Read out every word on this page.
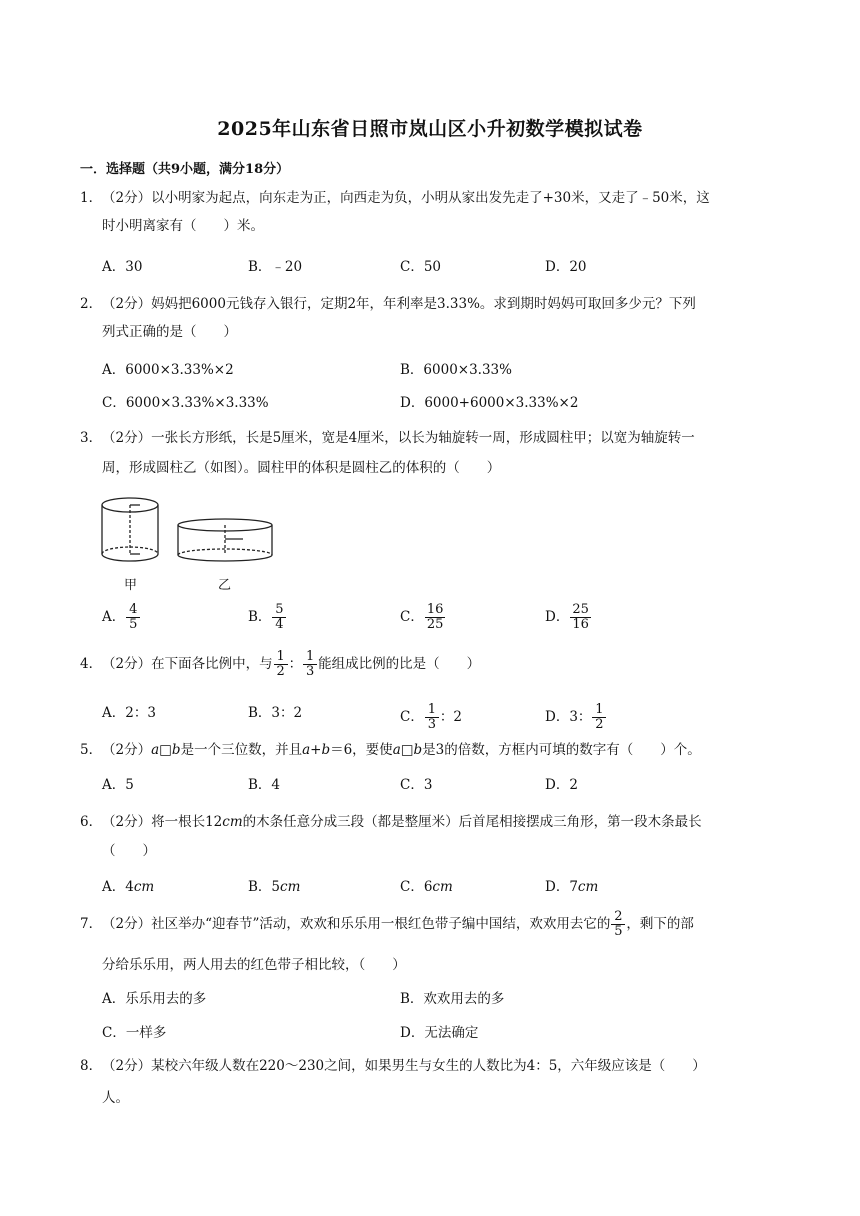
2025年山东省日照市岚山区小升初数学模拟试卷
一．选择题（共9小题，满分18分）
1．（2分）以小明家为起点，向东走为正，向西走为负，小明从家出发先走了+30米，又走了﹣50米，这
时小明离家有（　　）米。
A．30	B．﹣20	C．50	D．20
2．（2分）妈妈把6000元钱存入银行，定期2年，年利率是3.33%。求到期时妈妈可取回多少元？下列
列式正确的是（　　）
A．6000×3.33%×2	B．6000×3.33%
C．6000×3.33%×3.33%	D．6000+6000×3.33%×2
3．（2分）一张长方形纸，长是5厘米，宽是4厘米，以长为轴旋转一周，形成圆柱甲；以宽为轴旋转一
周，形成圆柱乙（如图）。圆柱甲的体积是圆柱乙的体积的（　　）
甲	乙
A． $\frac{4}{5}$	B． $\frac{5}{4}$	C． $\frac{16}{25}$	D． $\frac{25}{16}$
4．（2分）在下面各比例中，与 $\frac{1}{2}$ ： $\frac{1}{3}$ 能组成比例的比是（　　）
A．2：3	B．3：2	C． $\frac{1}{3}$ ：2	D．3： $\frac{1}{2}$
5．（2分）a□b是一个三位数，并且a+b＝6，要使a□b是3的倍数，方框内可填的数字有（　　）个。
A．5	B．4	C．3	D．2
6．（2分）将一根长12cm的木条任意分成三段（都是整厘米）后首尾相接摆成三角形，第一段木条最长
（　　）
A．4cm	B．5cm	C．6cm	D．7cm
7．（2分）社区举办“迎春节”活动，欢欢和乐乐用一根红色带子编中国结，欢欢用去它的 $\frac{2}{5}$ ，剩下的部
分给乐乐用，两人用去的红色带子相比较，（　　）
A．乐乐用去的多	B．欢欢用去的多
C．一样多	D．无法确定
8．（2分）某校六年级人数在220～230之间，如果男生与女生的人数比为4：5，六年级应该是（　　）
人。
